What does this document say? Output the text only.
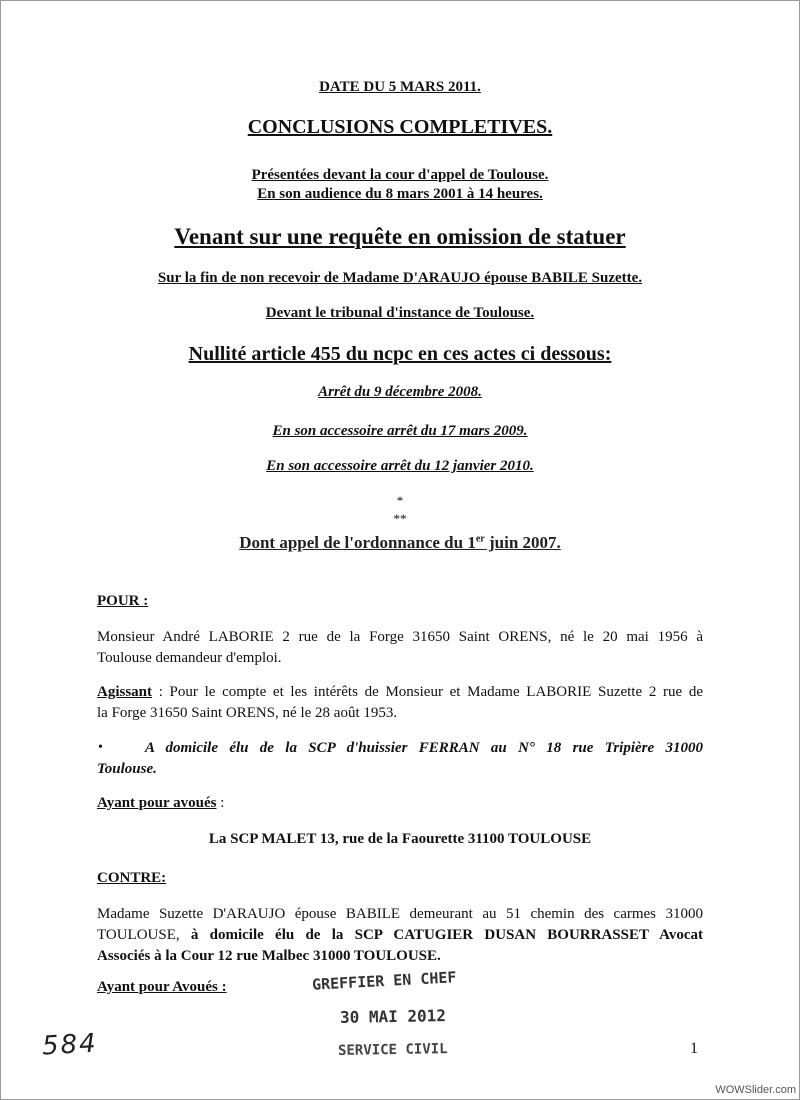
DATE DU 5 MARS 2011.
CONCLUSIONS COMPLETIVES.
Présentées devant la cour d'appel de Toulouse.
En son audience du 8 mars 2001 à 14 heures.
Venant sur une requête en omission de statuer
Sur la fin de non recevoir de Madame D'ARAUJO épouse BABILE Suzette.
Devant le tribunal d'instance de Toulouse.
Nullité article 455 du ncpc en ces actes ci dessous:
Arrêt du 9 décembre 2008.
En son accessoire arrêt du 17 mars 2009.
En son accessoire arrêt du 12 janvier 2010.
*
**
Dont appel de l'ordonnance du 1er juin 2007.
POUR :
Monsieur André LABORIE 2 rue de la Forge 31650 Saint ORENS, né le 20 mai 1956 à
Toulouse demandeur d'emploi.
Agissant : Pour le compte et les intérêts de Monsieur et Madame LABORIE Suzette 2 rue de
la Forge 31650 Saint ORENS, né le 28 août 1953.
•	A domicile élu de la SCP d'huissier FERRAN au N° 18 rue Tripière 31000
Toulouse.
Ayant pour avoués :
La SCP MALET 13, rue de la Faourette 31100 TOULOUSE
CONTRE:
Madame Suzette D'ARAUJO épouse BABILE demeurant au 51 chemin des carmes 31000
TOULOUSE, à domicile élu de la SCP CATUGIER DUSAN BOURRASSET Avocat
Associés à la Cour 12 rue Malbec 31000 TOULOUSE.
Ayant pour Avoués :	GREFFIER EN CHEF
30 MAI 2012
SERVICE CIVIL
584	1
WOWSlider.com
